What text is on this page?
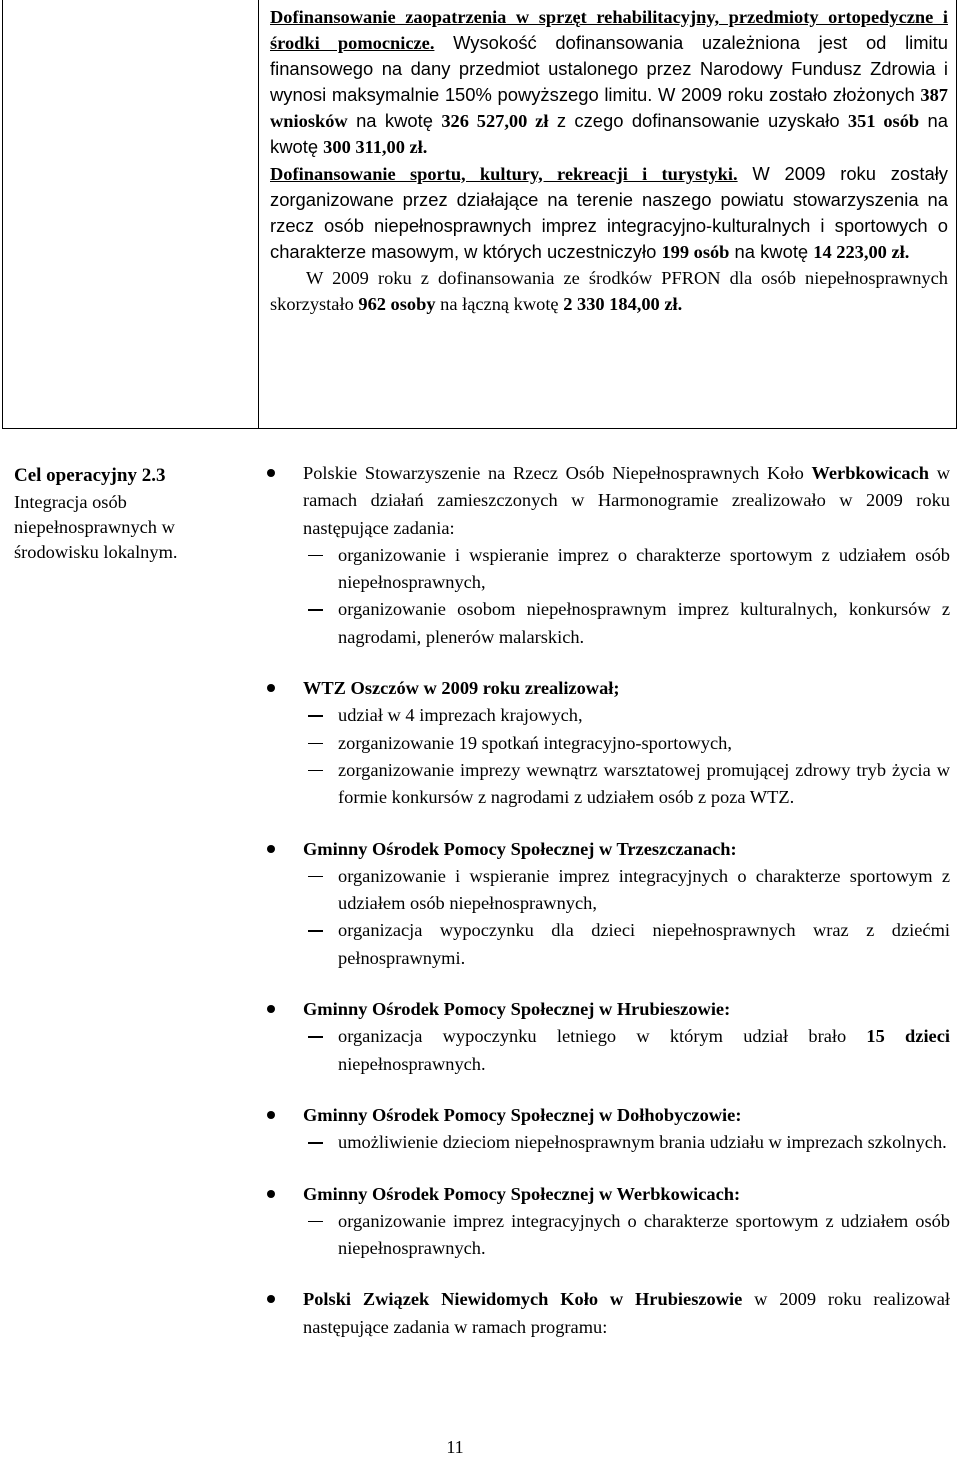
Dofinansowanie zaopatrzenia w sprzęt rehabilitacyjny, przedmioty ortopedyczne i środki pomocnicze. Wysokość dofinansowania uzależniona jest od limitu finansowego na dany przedmiot ustalonego przez Narodowy Fundusz Zdrowia i wynosi maksymalnie 150% powyższego limitu. W 2009 roku zostało złożonych 387 wniosków na kwotę 326 527,00 zł z czego dofinansowanie uzyskało 351 osób na kwotę 300 311,00 zł.

Dofinansowanie sportu, kultury, rekreacji i turystyki. W 2009 roku zostały zorganizowane przez działające na terenie naszego powiatu stowarzyszenia na rzecz osób niepełnosprawnych imprez integracyjno-kulturalnych i sportowych o charakterze masowym, w których uczestniczyło 199 osób na kwotę 14 223,00 zł.

W 2009 roku z dofinansowania ze środków PFRON dla osób niepełnosprawnych skorzystało 962 osoby na łączną kwotę 2 330 184,00 zł.

Cel operacyjny 2.3
Integracja osób niepełnosprawnych w środowisku lokalnym.
Polskie Stowarzyszenie na Rzecz Osób Niepełnosprawnych Koło Werbkowicach w ramach działań zamieszczonych w Harmonogramie zrealizowało w 2009 roku następujące zadania:
organizowanie i wspieranie imprez o charakterze sportowym z udziałem osób niepełnosprawnych,
organizowanie osobom niepełnosprawnym imprez kulturalnych, konkursów z nagrodami, plenerów malarskich.
WTZ Oszczów w 2009 roku zrealizował;
udział w 4 imprezach krajowych,
zorganizowanie 19 spotkań integracyjno-sportowych,
zorganizowanie imprezy wewnątrz warsztatowej promującej zdrowy tryb życia w formie konkursów z nagrodami z udziałem osób z poza WTZ.
Gminny Ośrodek Pomocy Społecznej w Trzeszczanach:
organizowanie i wspieranie imprez integracyjnych o charakterze sportowym z udziałem osób niepełnosprawnych,
organizacja wypoczynku dla dzieci niepełnosprawnych wraz z dziećmi pełnosprawnymi.
Gminny Ośrodek Pomocy Społecznej w Hrubieszowie:
organizacja wypoczynku letniego w którym udział brało 15 dzieci niepełnosprawnych.
Gminny Ośrodek Pomocy Społecznej w Dołhobyczowie:
umożliwienie dzieciom niepełnosprawnym brania udziału w imprezach szkolnych.
Gminny Ośrodek Pomocy Społecznej w Werbkowicach:
organizowanie imprez integracyjnych o charakterze sportowym z udziałem osób niepełnosprawnych.
Polski Związek Niewidomych Koło w Hrubieszowie w 2009 roku realizował następujące zadania w ramach programu:
11
